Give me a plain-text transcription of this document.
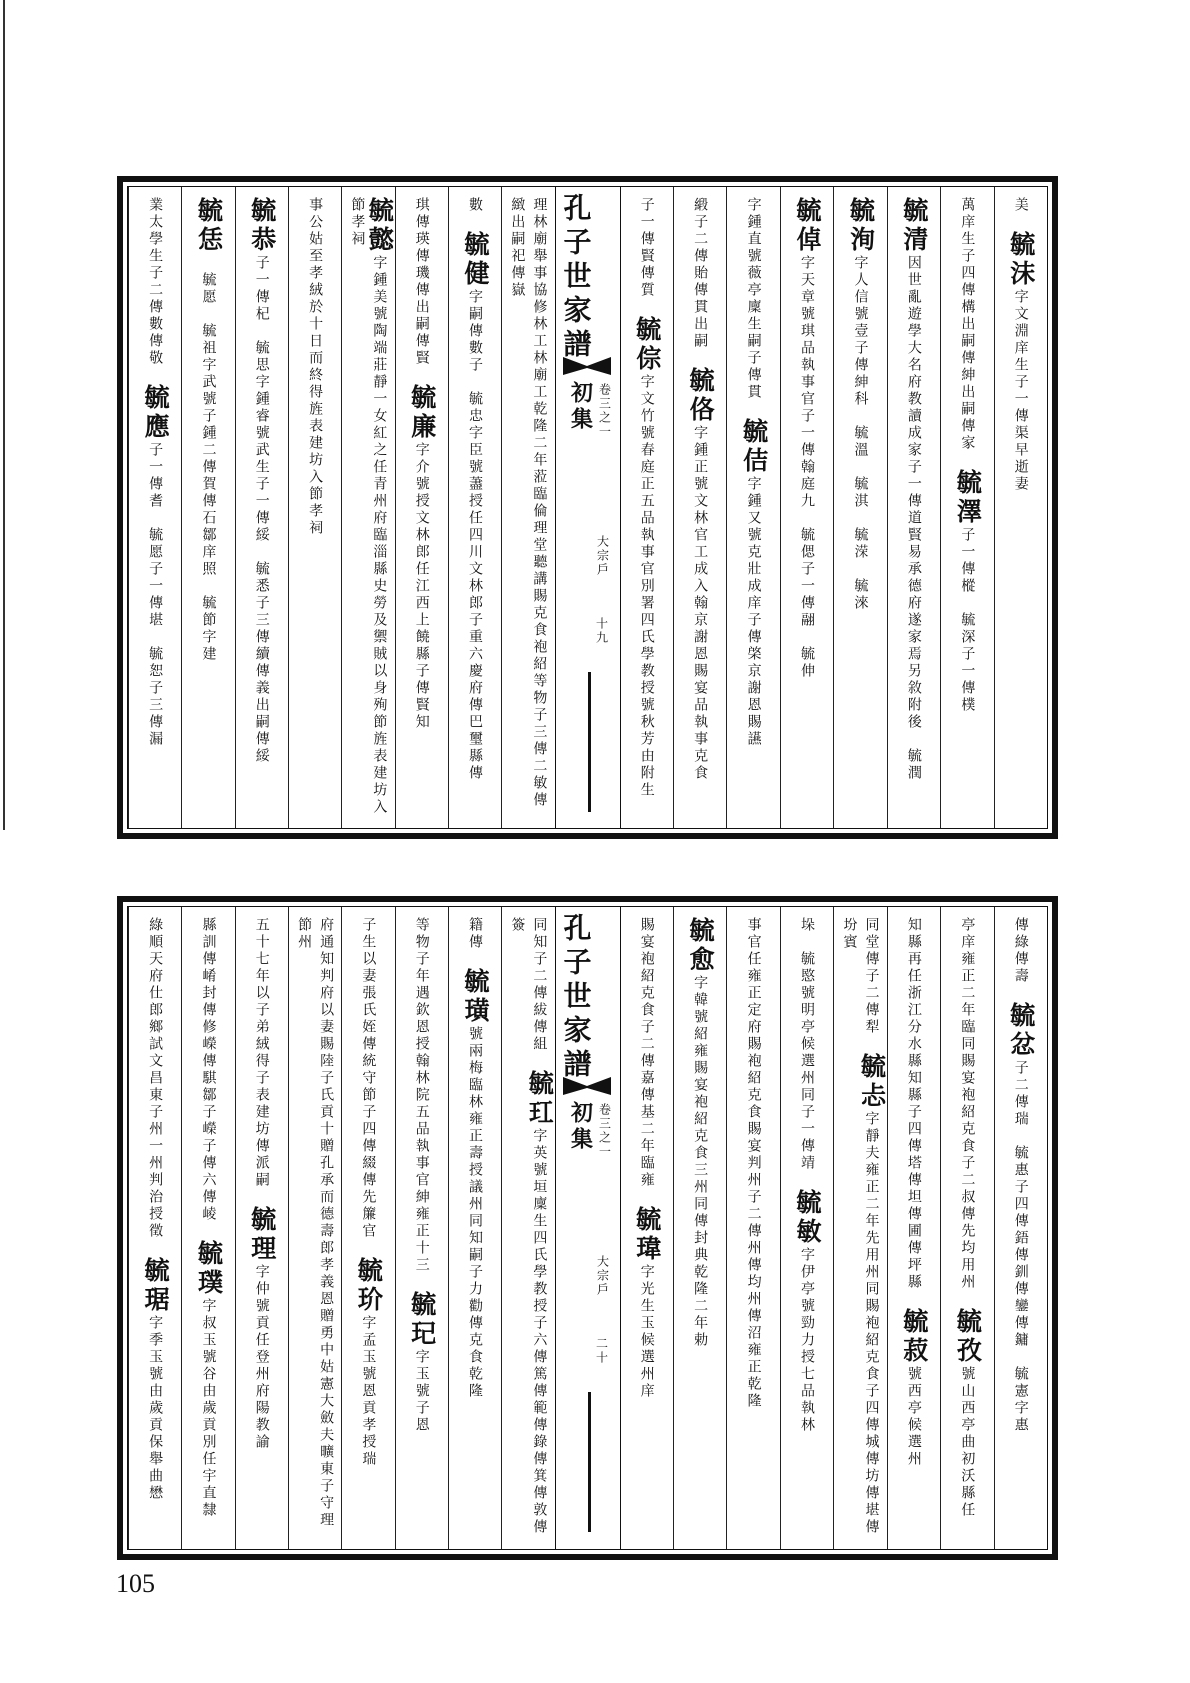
美　毓沫字文淵庠生子一傳渠早逝妻
萬庠生子四傳構出嗣傳紳出嗣傳家　毓澤子一傳樅　毓深子一傳樸
毓清因世亂遊學大名府教讀成家子一傳道賢易承德府遂家焉另敘附後　毓潤
毓洵字人信號壹子傳紳科　毓溫　毓淇　毓溁　毓淶
毓倬字天章號琪品執事官子一傳翰庭九　毓偲子一傳翮　毓伸
字鍾直號薇亭廩生嗣子傳貫　毓佶字鍾又號克壯成庠子傳棨京謝恩賜讌
緞子二傳貽傳貫出嗣　毓佫字鍾正號文林官工成入翰京謝恩賜宴品執事克食
子一傳賢傳質　毓倧字文竹號春庭正五品執事官別署四氏學教授號秋芳由附生
孔子世家譜
初集 卷三之一
大宗戶
十九
理林廟舉事協修林工林廟工乾隆二年蒞臨倫理堂聽講賜克食袍紹等物子三傳二敏傳緻出嗣祀傳嶽
數　毓健字嗣傳數子　毓忠字臣號藎授任四川文林郎子重六慶府傳巴璽縣傳
琪傳瑛傳璣傳出嗣傳賢　毓廉字介號授文林郎任江西上饒縣子傳賢知
毓懿字鍾美號陶端莊靜一女紅之任青州府臨淄縣史勞及禦賊以身殉節旌表建坊入節孝祠
事公姑至孝絨於十日而終得旌表建坊入節孝祠
毓恭子一傳杞　毓思字鍾睿號武生子一傳綏　毓悉子三傳續傳義出嗣傳綏
毓恁　毓愿　毓祖字武號子鍾二傳賀傳石鄒庠照　毓節字建
業太學生子二傳數傳敬　毓應子一傳耆　毓愿子一傳堪　毓恕子三傳漏
傳綠傳壽　毓忿子二傳瑞　毓惠子四傳鋙傳釧傳鑾傳鏞　毓憲字惠
亭庠雍正二年臨同賜宴袍紹克食子二叔傳先均用州　毓孜號山西亭曲初沃縣任
知縣再任浙江分水縣知縣子四傳塔傳坦傳圃傳坪縣　毓菽號西亭候選州
同堂傳子二傳犁　毓忐字靜夫雍正二年先用州同賜袍紹克食子四傳城傳坊傳堪傳坋賓
垛　毓愍號明亭候選州同子一傳靖　毓敏字伊亭號勁力授七品執林
事官任雍正定府賜袍紹克食賜宴判州子二傳州傳均州傳沼雍正乾隆
毓愈字韓號紹雍賜宴袍紹克食三州同傳封典乾隆二年勅
賜宴袍紹克食子二傳嘉傳基二年臨雍　毓瑋字光生玉候選州庠
孔子世家譜
初集 卷三之一
大宗戶
二十
同知子二傳紱傳組　毓玒字英號垣廩生四氏學教授子六傳篤傳範傳錄傳箕傳敦傳簽
籍傳　毓璜號兩梅臨林雍正壽授議州同知嗣子力勸傳克食乾隆
等物子年遇欽恩授翰林院五品執事官紳雍正十三　毓玘字玉號子恩
子生以妻張氏姪傳統守節子四傳綴傳先簾官　毓玠字孟玉號恩貢孝授瑞
府通知判府以妻賜陸子氏貢十贈孔承而德壽郎孝義恩贈勇中姑憲大斂夫曠東子守理節州
五十七年以子弟絨得子表建坊傳派嗣　毓理字仲號貢任登州府陽教諭
縣訓傳崤封傳修嶸傳騏鄒子嶸子傳六傳崚　毓璞字叔玉號谷由歲貢別任宇直隸
綠順天府仕郎鄉試文昌東子州一州判治授徵　毓琚字季玉號由歲貢保舉曲懋
105
